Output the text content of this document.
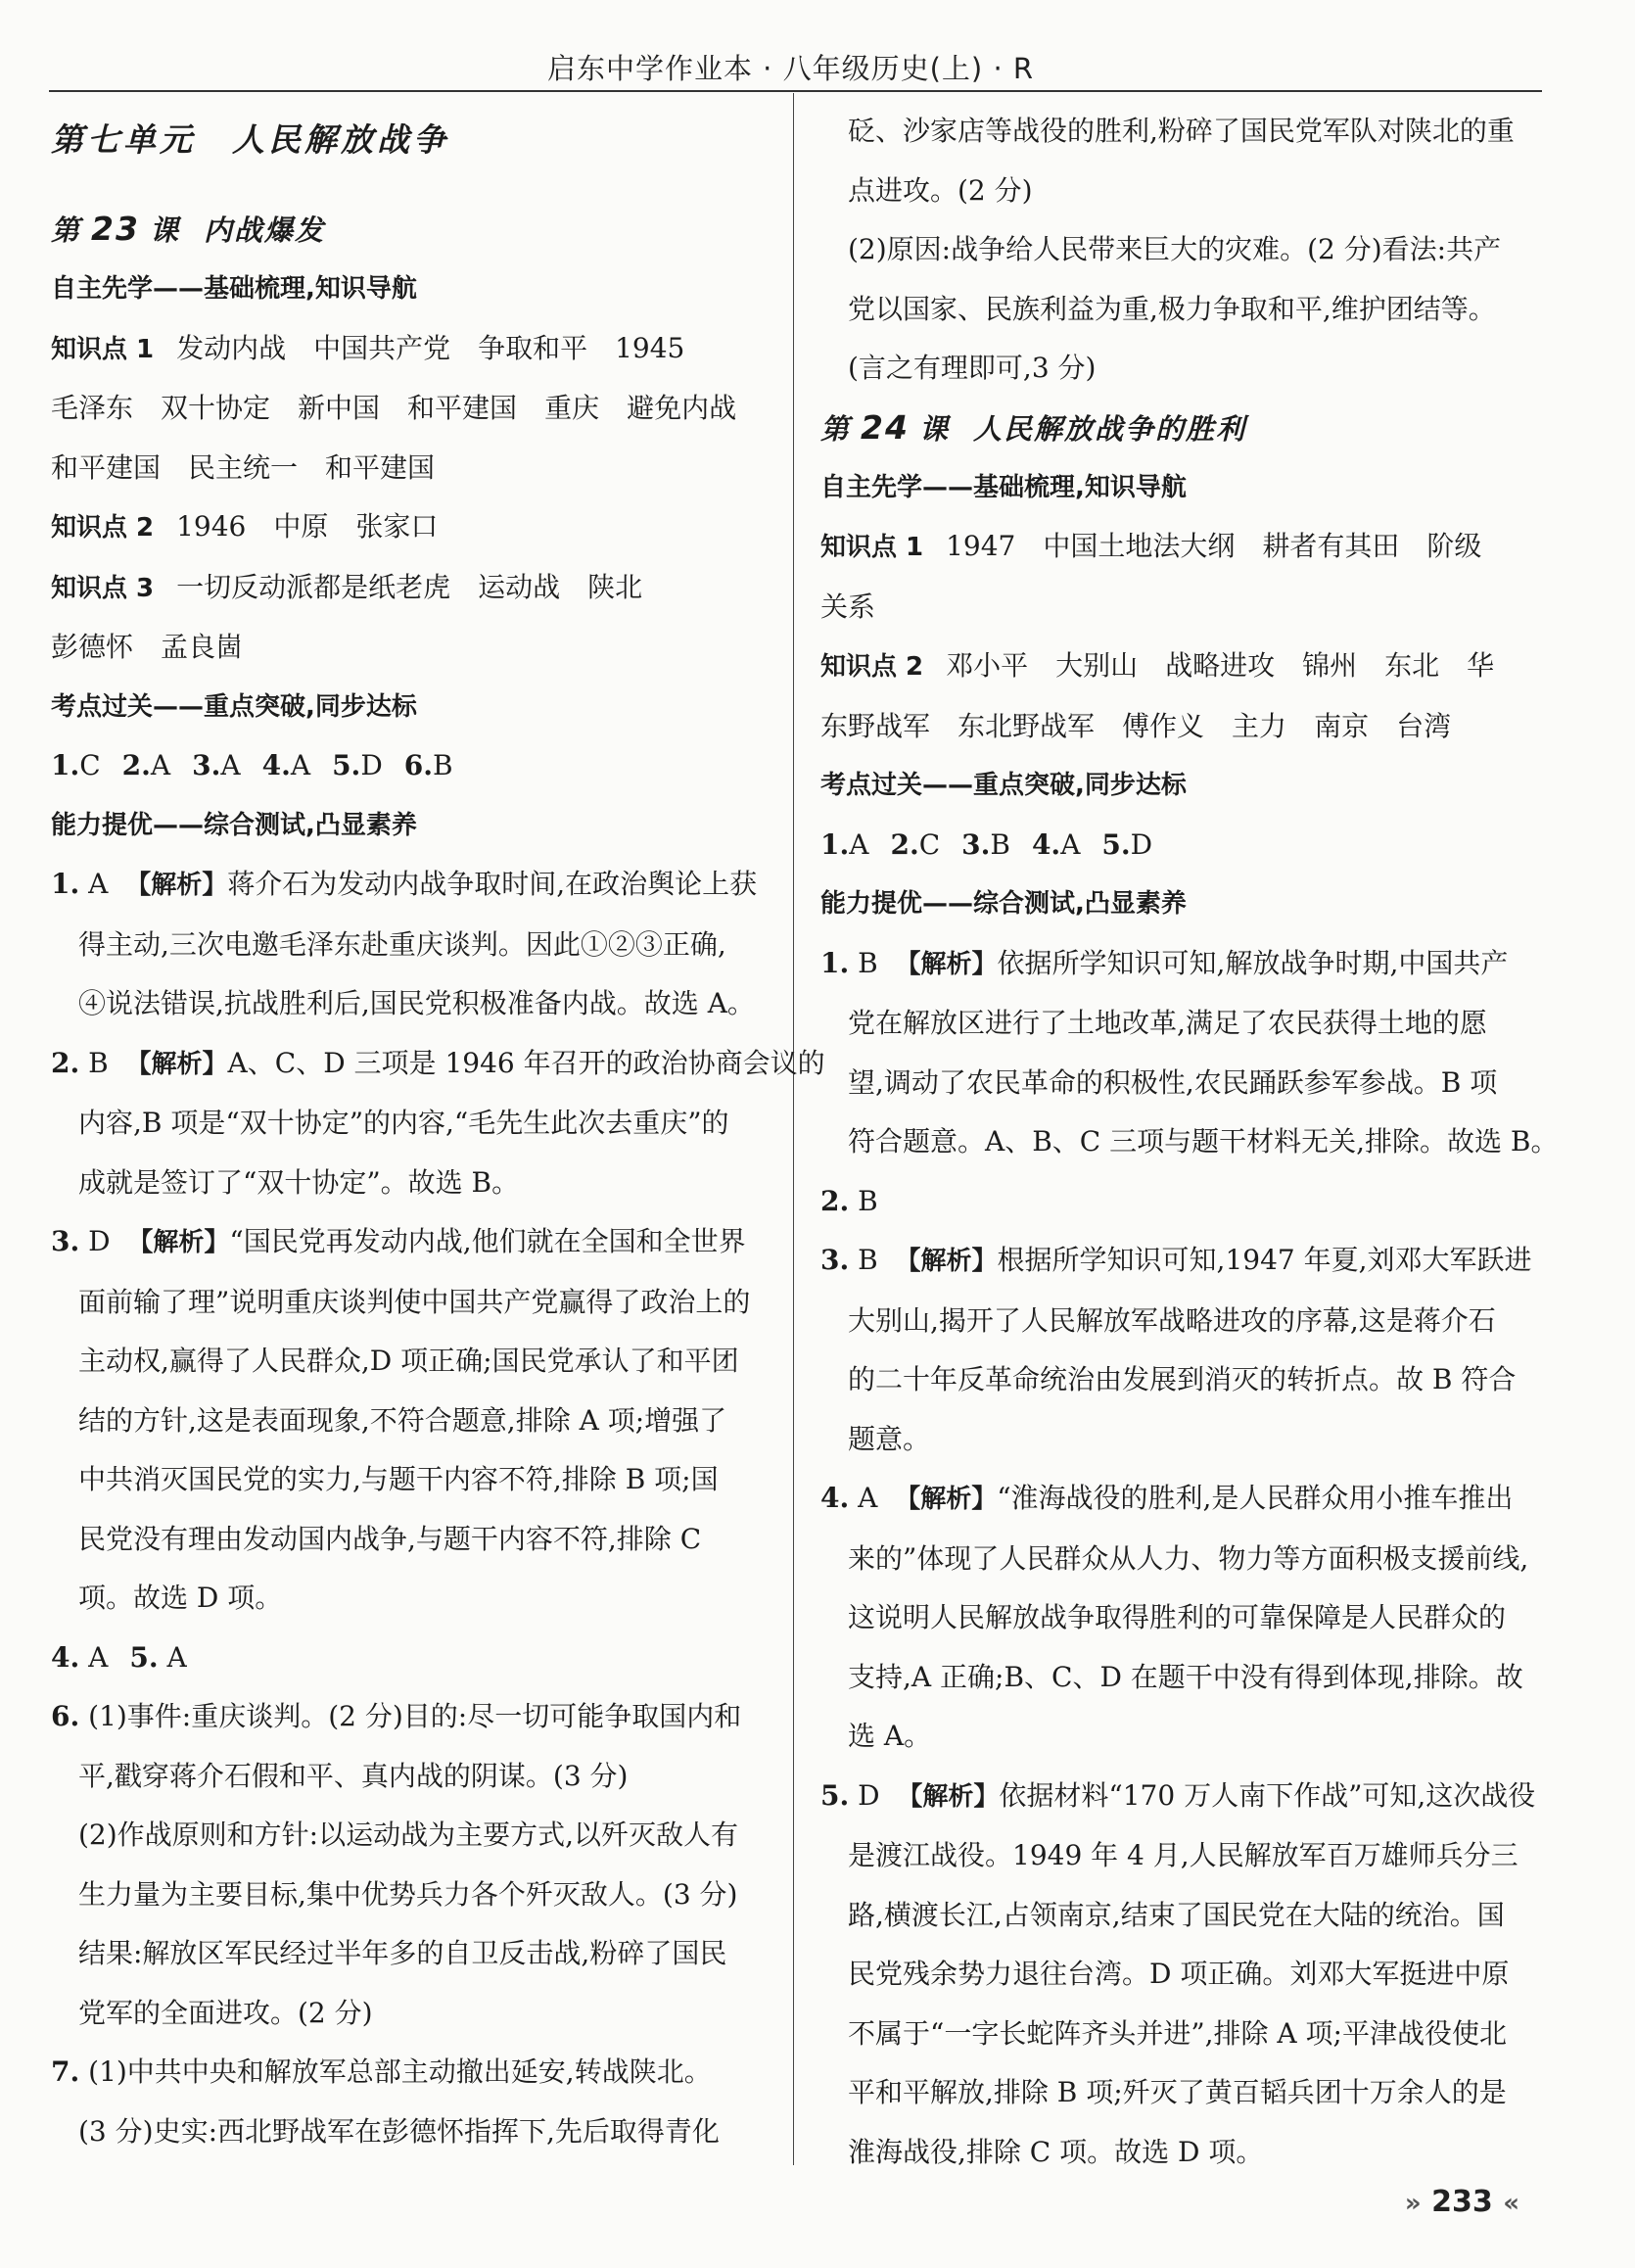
启东中学作业本 · 八年级历史(上) · R
第七单元　人民解放战争
第 23 课 内战爆发
自主先学——基础梳理,知识导航
知识点 1 发动内战 中国共产党 争取和平 1945
毛泽东 双十协定 新中国 和平建国 重庆 避免内战
和平建国 民主统一 和平建国
知识点 2 1946 中原 张家口
知识点 3 一切反动派都是纸老虎 运动战 陕北
彭德怀 孟良崮
考点过关——重点突破,同步达标
1.C 2.A 3.A 4.A 5.D 6.B
能力提优——综合测试,凸显素养
1. A 【解析】蒋介石为发动内战争取时间,在政治舆论上获
得主动,三次电邀毛泽东赴重庆谈判。因此①②③正确,
④说法错误,抗战胜利后,国民党积极准备内战。故选 A。
2. B 【解析】A、C、D 三项是 1946 年召开的政治协商会议的
内容,B 项是“双十协定”的内容,“毛先生此次去重庆”的
成就是签订了“双十协定”。故选 B。
3. D 【解析】“国民党再发动内战,他们就在全国和全世界
面前输了理”说明重庆谈判使中国共产党赢得了政治上的
主动权,赢得了人民群众,D 项正确;国民党承认了和平团
结的方针,这是表面现象,不符合题意,排除 A 项;增强了
中共消灭国民党的实力,与题干内容不符,排除 B 项;国
民党没有理由发动国内战争,与题干内容不符,排除 C
项。故选 D 项。
4. A 5. A
6. (1)事件:重庆谈判。(2 分)目的:尽一切可能争取国内和
平,戳穿蒋介石假和平、真内战的阴谋。(3 分)
(2)作战原则和方针:以运动战为主要方式,以歼灭敌人有
生力量为主要目标,集中优势兵力各个歼灭敌人。(3 分)
结果:解放区军民经过半年多的自卫反击战,粉碎了国民
党军的全面进攻。(2 分)
7. (1)中共中央和解放军总部主动撤出延安,转战陕北。
(3 分)史实:西北野战军在彭德怀指挥下,先后取得青化
砭、沙家店等战役的胜利,粉碎了国民党军队对陕北的重
点进攻。(2 分)
(2)原因:战争给人民带来巨大的灾难。(2 分)看法:共产
党以国家、民族利益为重,极力争取和平,维护团结等。
(言之有理即可,3 分)
第 24 课 人民解放战争的胜利
自主先学——基础梳理,知识导航
知识点 1 1947 中国土地法大纲 耕者有其田 阶级
关系
知识点 2 邓小平 大别山 战略进攻 锦州 东北 华
东野战军 东北野战军 傅作义 主力 南京 台湾
考点过关——重点突破,同步达标
1.A 2.C 3.B 4.A 5.D
能力提优——综合测试,凸显素养
1. B 【解析】依据所学知识可知,解放战争时期,中国共产
党在解放区进行了土地改革,满足了农民获得土地的愿
望,调动了农民革命的积极性,农民踊跃参军参战。B 项
符合题意。A、B、C 三项与题干材料无关,排除。故选 B。
2. B
3. B 【解析】根据所学知识可知,1947 年夏,刘邓大军跃进
大别山,揭开了人民解放军战略进攻的序幕,这是蒋介石
的二十年反革命统治由发展到消灭的转折点。故 B 符合
题意。
4. A 【解析】“淮海战役的胜利,是人民群众用小推车推出
来的”体现了人民群众从人力、物力等方面积极支援前线,
这说明人民解放战争取得胜利的可靠保障是人民群众的
支持,A 正确;B、C、D 在题干中没有得到体现,排除。故
选 A。
5. D 【解析】依据材料“170 万人南下作战”可知,这次战役
是渡江战役。1949 年 4 月,人民解放军百万雄师兵分三
路,横渡长江,占领南京,结束了国民党在大陆的统治。国
民党残余势力退往台湾。D 项正确。刘邓大军挺进中原
不属于“一字长蛇阵齐头并进”,排除 A 项;平津战役使北
平和平解放,排除 B 项;歼灭了黄百韬兵团十万余人的是
淮海战役,排除 C 项。故选 D 项。
» 233 «
